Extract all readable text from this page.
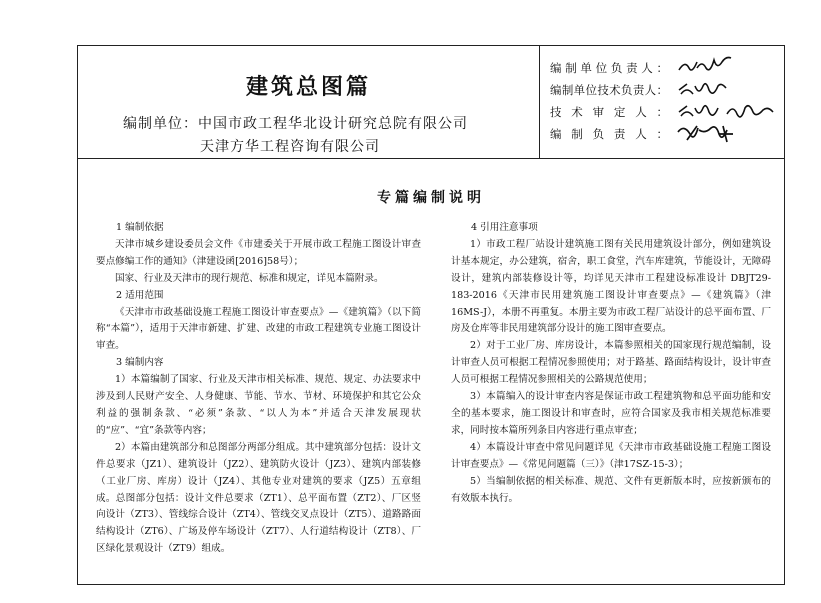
建筑总图篇
编制单位：中国市政工程华北设计研究总院有限公司
天津方华工程咨询有限公司
编制单位负责人：
编制单位技术负责人：
技术审定人：
编制负责人：
专篇编制说明

1 编制依据

天津市城乡建设委员会文件《市建委关于开展市政工程施工图设计审查要点修编工作的通知》（津建设函[2016]58号）；

国家、行业及天津市的现行规范、标准和规定，详见本篇附录。

2 适用范围

《天津市市政基础设施工程施工图设计审查要点》—《建筑篇》（以下简称“本篇”），适用于天津市新建、扩建、改建的市政工程建筑专业施工图设计审查。

3 编制内容

1）本篇编制了国家、行业及天津市相关标准、规范、规定、办法要求中涉及到人民财产安全、人身健康、节能、节水、节材、环境保护和其它公众利益的强制条款、“必须”条款、“以人为本”并适合天津发展现状的“应”、“宜”条款等内容；

2）本篇由建筑部分和总图部分两部分组成。其中建筑部分包括：设计文件总要求（JZ1）、建筑设计（JZ2）、建筑防火设计（JZ3）、建筑内部装修（工业厂房、库房）设计（JZ4）、其他专业对建筑的要求（JZ5）五章组成。总图部分包括：设计文件总要求（ZT1）、总平面布置（ZT2）、厂区竖向设计（ZT3）、管线综合设计（ZT4）、管线交叉点设计（ZT5）、道路路面结构设计（ZT6）、广场及停车场设计（ZT7）、人行道结构设计（ZT8）、厂区绿化景观设计（ZT9）组成。

4 引用注意事项

1）市政工程厂站设计建筑施工图有关民用建筑设计部分，例如建筑设计基本规定，办公建筑，宿舍，职工食堂，汽车库建筑，节能设计，无障碍设计，建筑内部装修设计等，均详见天津市工程建设标准设计 DBJT29-183-2016《天津市民用建筑施工图设计审查要点》—《建筑篇》（津16MS-J），本册不再重复。本册主要为市政工程厂站设计的总平面布置、厂房及仓库等非民用建筑部分设计的施工图审查要点。

2）对于工业厂房、库房设计，本篇参照相关的国家现行规范编制，设计审查人员可根据工程情况参照使用；对于路基、路面结构设计，设计审查人员可根据工程情况参照相关的公路规范使用；

3）本篇编入的设计审查内容是保证市政工程建筑物和总平面功能和安全的基本要求，施工图设计和审查时，应符合国家及我市相关规范标准要求，同时按本篇所列条目内容进行重点审查；

4）本篇设计审查中常见问题详见《天津市市政基础设施工程施工图设计审查要点》—《常见问题篇（三）》（津17SZ-15-3）；

5）当编制依据的相关标准、规范、文件有更新版本时，应按新颁布的有效版本执行。
